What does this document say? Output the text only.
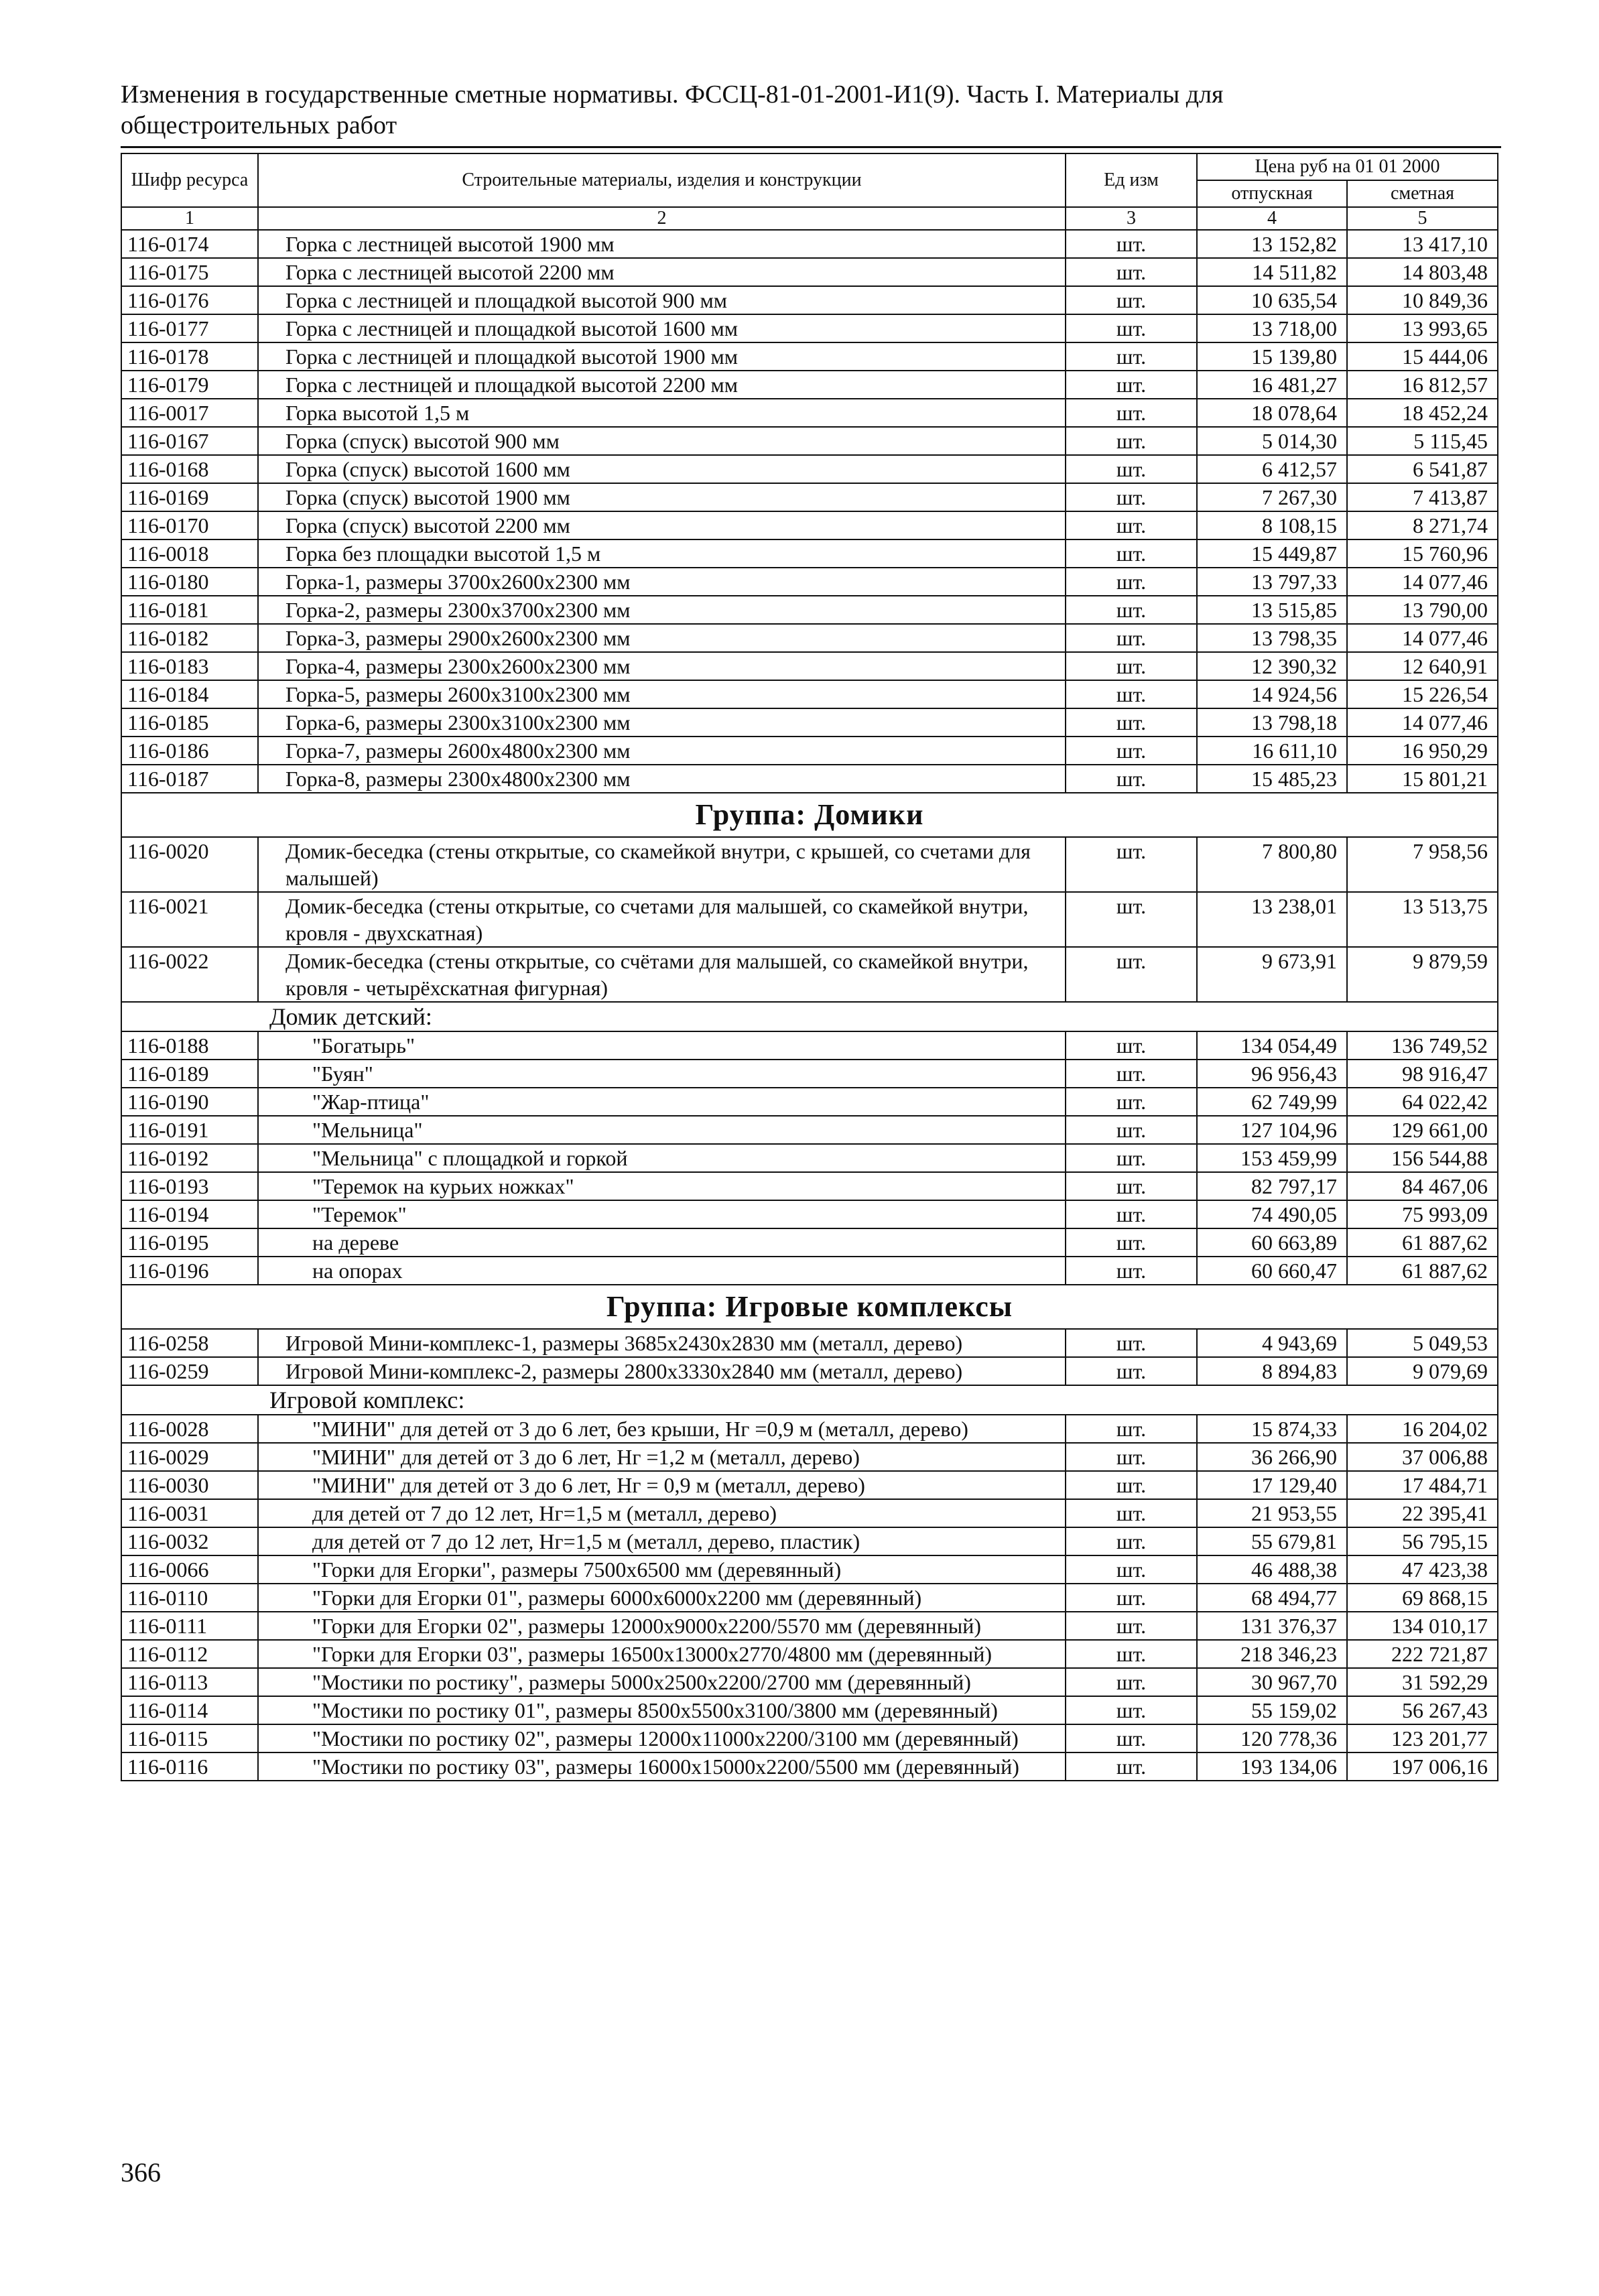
Изменения в государственные сметные нормативы. ФССЦ-81-01-2001-И1(9). Часть I. Материалы для
общестроительных работ
Шифр ресурса	Строительные материалы, изделия и конструкции	Ед изм	Цена руб на 01 01 2000	
			отпускная	сметная
1	2	3	4	5
116-0174	Горка с лестницей высотой 1900 мм	шт.	13 152,82	13 417,10
116-0175	Горка с лестницей высотой 2200 мм	шт.	14 511,82	14 803,48
116-0176	Горка с лестницей и площадкой высотой 900 мм	шт.	10 635,54	10 849,36
116-0177	Горка с лестницей и площадкой высотой 1600 мм	шт.	13 718,00	13 993,65
116-0178	Горка с лестницей и площадкой высотой 1900 мм	шт.	15 139,80	15 444,06
116-0179	Горка с лестницей и площадкой высотой 2200 мм	шт.	16 481,27	16 812,57
116-0017	Горка высотой 1,5 м	шт.	18 078,64	18 452,24
116-0167	Горка (спуск) высотой 900 мм	шт.	5 014,30	5 115,45
116-0168	Горка (спуск) высотой 1600 мм	шт.	6 412,57	6 541,87
116-0169	Горка (спуск) высотой 1900 мм	шт.	7 267,30	7 413,87
116-0170	Горка (спуск) высотой 2200 мм	шт.	8 108,15	8 271,74
116-0018	Горка без площадки высотой 1,5 м	шт.	15 449,87	15 760,96
116-0180	Горка-1, размеры 3700х2600х2300 мм	шт.	13 797,33	14 077,46
116-0181	Горка-2, размеры 2300х3700х2300 мм	шт.	13 515,85	13 790,00
116-0182	Горка-3, размеры 2900х2600х2300 мм	шт.	13 798,35	14 077,46
116-0183	Горка-4, размеры 2300х2600х2300 мм	шт.	12 390,32	12 640,91
116-0184	Горка-5, размеры 2600х3100х2300 мм	шт.	14 924,56	15 226,54
116-0185	Горка-6, размеры 2300х3100х2300 мм	шт.	13 798,18	14 077,46
116-0186	Горка-7, размеры 2600х4800х2300 мм	шт.	16 611,10	16 950,29
116-0187	Горка-8, размеры 2300х4800х2300 мм	шт.	15 485,23	15 801,21
Группа: Домики				
116-0020	Домик-беседка (стены открытые, со скамейкой внутри, с крышей, со счетами для малышей)	шт.	7 800,80	7 958,56
116-0021	Домик-беседка (стены открытые, со счетами для малышей, со скамейкой внутри, кровля - двухскатная)	шт.	13 238,01	13 513,75
116-0022	Домик-беседка (стены открытые, со счётами для малышей, со скамейкой внутри, кровля - четырёхскатная фигурная)	шт.	9 673,91	9 879,59
Домик детский:				
116-0188	"Богатырь"	шт.	134 054,49	136 749,52
116-0189	"Буян"	шт.	96 956,43	98 916,47
116-0190	"Жар-птица"	шт.	62 749,99	64 022,42
116-0191	"Мельница"	шт.	127 104,96	129 661,00
116-0192	"Мельница" с площадкой и горкой	шт.	153 459,99	156 544,88
116-0193	"Теремок на курьих ножках"	шт.	82 797,17	84 467,06
116-0194	"Теремок"	шт.	74 490,05	75 993,09
116-0195	на дереве	шт.	60 663,89	61 887,62
116-0196	на опорах	шт.	60 660,47	61 887,62
Группа: Игровые комплексы				
116-0258	Игровой Мини-комплекс-1, размеры 3685х2430х2830 мм (металл, дерево)	шт.	4 943,69	5 049,53
116-0259	Игровой Мини-комплекс-2, размеры 2800х3330х2840 мм (металл, дерево)	шт.	8 894,83	9 079,69
Игровой комплекс:				
116-0028	"МИНИ" для детей от 3 до 6 лет, без крыши, Нг =0,9 м (металл, дерево)	шт.	15 874,33	16 204,02
116-0029	"МИНИ" для детей от 3 до 6 лет, Нг =1,2 м (металл, дерево)	шт.	36 266,90	37 006,88
116-0030	"МИНИ" для детей от 3 до 6 лет, Нг = 0,9 м (металл, дерево)	шт.	17 129,40	17 484,71
116-0031	для детей от 7 до 12 лет, Нг=1,5 м (металл, дерево)	шт.	21 953,55	22 395,41
116-0032	для детей от 7 до 12 лет, Нг=1,5 м (металл, дерево, пластик)	шт.	55 679,81	56 795,15
116-0066	"Горки для Егорки", размеры 7500х6500 мм (деревянный)	шт.	46 488,38	47 423,38
116-0110	"Горки для Егорки 01", размеры 6000х6000х2200 мм (деревянный)	шт.	68 494,77	69 868,15
116-0111	"Горки для Егорки 02", размеры 12000х9000х2200/5570 мм (деревянный)	шт.	131 376,37	134 010,17
116-0112	"Горки для Егорки 03", размеры 16500х13000х2770/4800 мм (деревянный)	шт.	218 346,23	222 721,87
116-0113	"Мостики по ростику", размеры 5000х2500х2200/2700 мм (деревянный)	шт.	30 967,70	31 592,29
116-0114	"Мостики по ростику 01", размеры 8500х5500х3100/3800 мм (деревянный)	шт.	55 159,02	56 267,43
116-0115	"Мостики по ростику 02", размеры 12000х11000х2200/3100 мм (деревянный)	шт.	120 778,36	123 201,77
116-0116	"Мостики по ростику 03", размеры 16000х15000х2200/5500 мм (деревянный)	шт.	193 134,06	197 006,16
366
